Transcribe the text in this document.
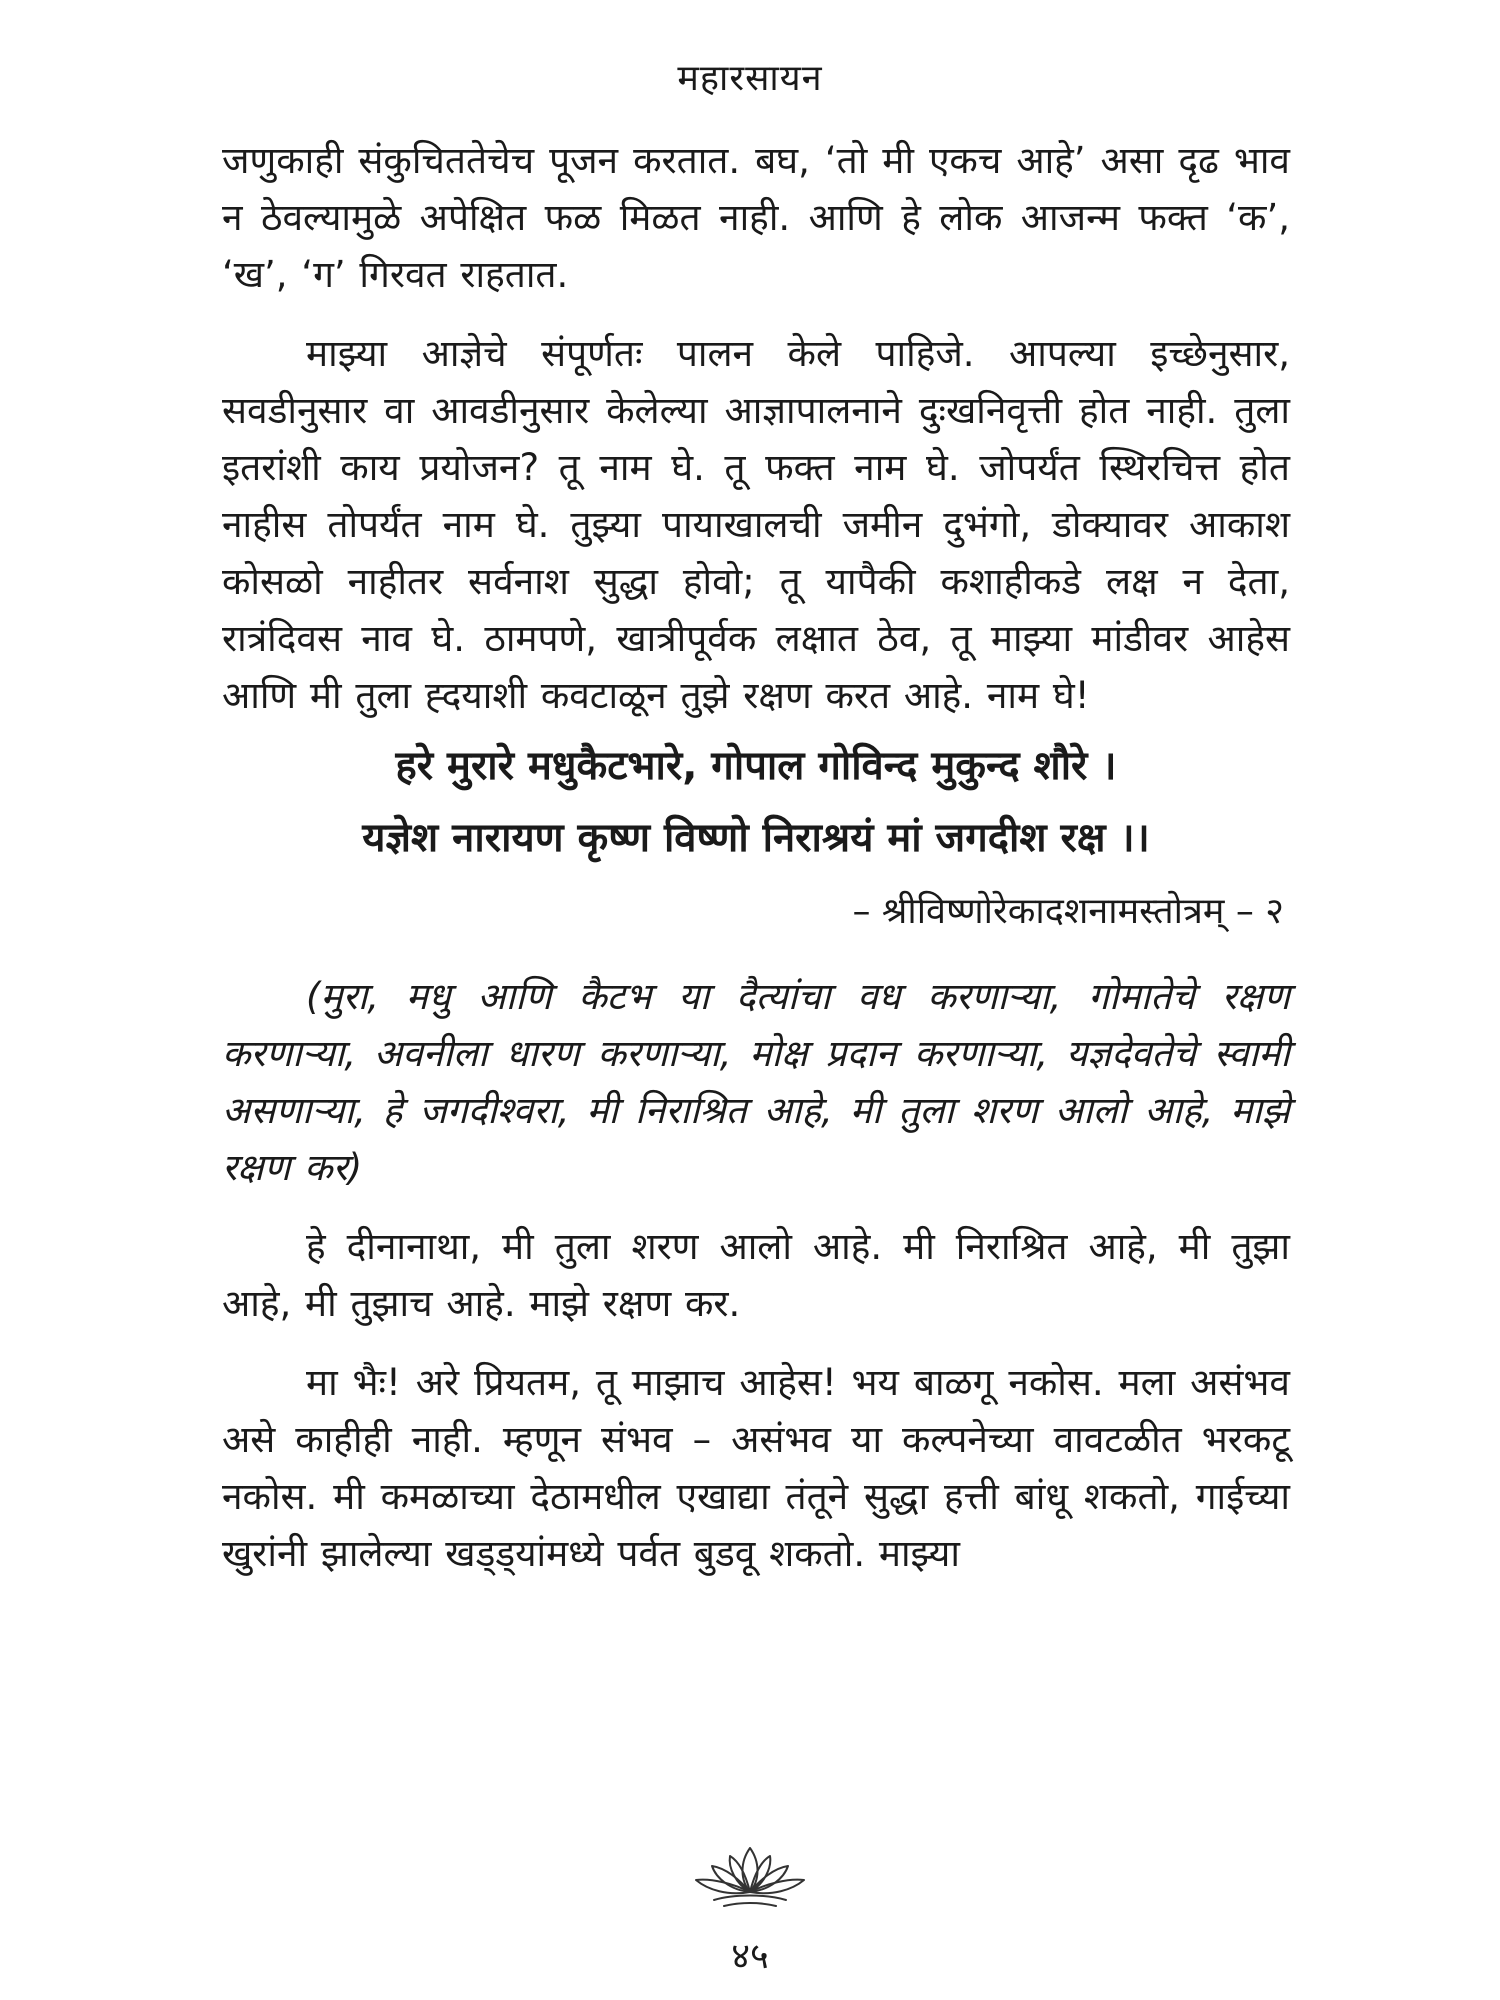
महारसायन

जणुकाही संकुचिततेचेच पूजन करतात. बघ, ‘तो मी एकच आहे’ असा दृढ भाव न ठेवल्यामुळे अपेक्षित फळ मिळत नाही. आणि हे लोक आजन्म फक्त ‘क’, ‘ख’, ‘ग’ गिरवत राहतात.

माझ्या आज्ञेचे संपूर्णतः पालन केले पाहिजे. आपल्या इच्छेनुसार, सवडीनुसार वा आवडीनुसार केलेल्या आज्ञापालनाने दुःखनिवृत्ती होत नाही. तुला इतरांशी काय प्रयोजन? तू नाम घे. तू फक्त नाम घे. जोपर्यंत स्थिरचित्त होत नाहीस तोपर्यंत नाम घे. तुझ्या पायाखालची जमीन दुभंगो, डोक्यावर आकाश कोसळो नाहीतर सर्वनाश सुद्धा होवो; तू यापैकी कशाहीकडे लक्ष न देता, रात्रंदिवस नाव घे. ठामपणे, खात्रीपूर्वक लक्षात ठेव, तू माझ्या मांडीवर आहेस आणि मी तुला ह्दयाशी कवटाळून तुझे रक्षण करत आहे. नाम घे!

हरे मुरारे मधुकैटभारे, गोपाल गोविन्द मुकुन्द शौरे ।

यज्ञेश नारायण कृष्ण विष्णो निराश्रयं मां जगदीश रक्ष ।।

– श्रीविष्णोरेकादशनामस्तोत्रम् – २

(मुरा, मधु आणि कैटभ या दैत्यांचा वध करणाऱ्या, गोमातेचे रक्षण करणाऱ्या, अवनीला धारण करणाऱ्या, मोक्ष प्रदान करणाऱ्या, यज्ञदेवतेचे स्वामी असणाऱ्या, हे जगदीश्वरा, मी निराश्रित आहे, मी तुला शरण आलो आहे, माझे रक्षण कर)

हे दीनानाथा, मी तुला शरण आलो आहे. मी निराश्रित आहे, मी तुझा आहे, मी तुझाच आहे. माझे रक्षण कर.

मा भैः! अरे प्रियतम, तू माझाच आहेस! भय बाळगू नकोस. मला असंभव असे काहीही नाही. म्हणून संभव – असंभव या कल्पनेच्या वावटळीत भरकटू नकोस. मी कमळाच्या देठामधील एखाद्या तंतूने सुद्धा हत्ती बांधू शकतो, गाईच्या खुरांनी झालेल्या खड्ड्यांमध्ये पर्वत बुडवू शकतो. माझ्या

४५
